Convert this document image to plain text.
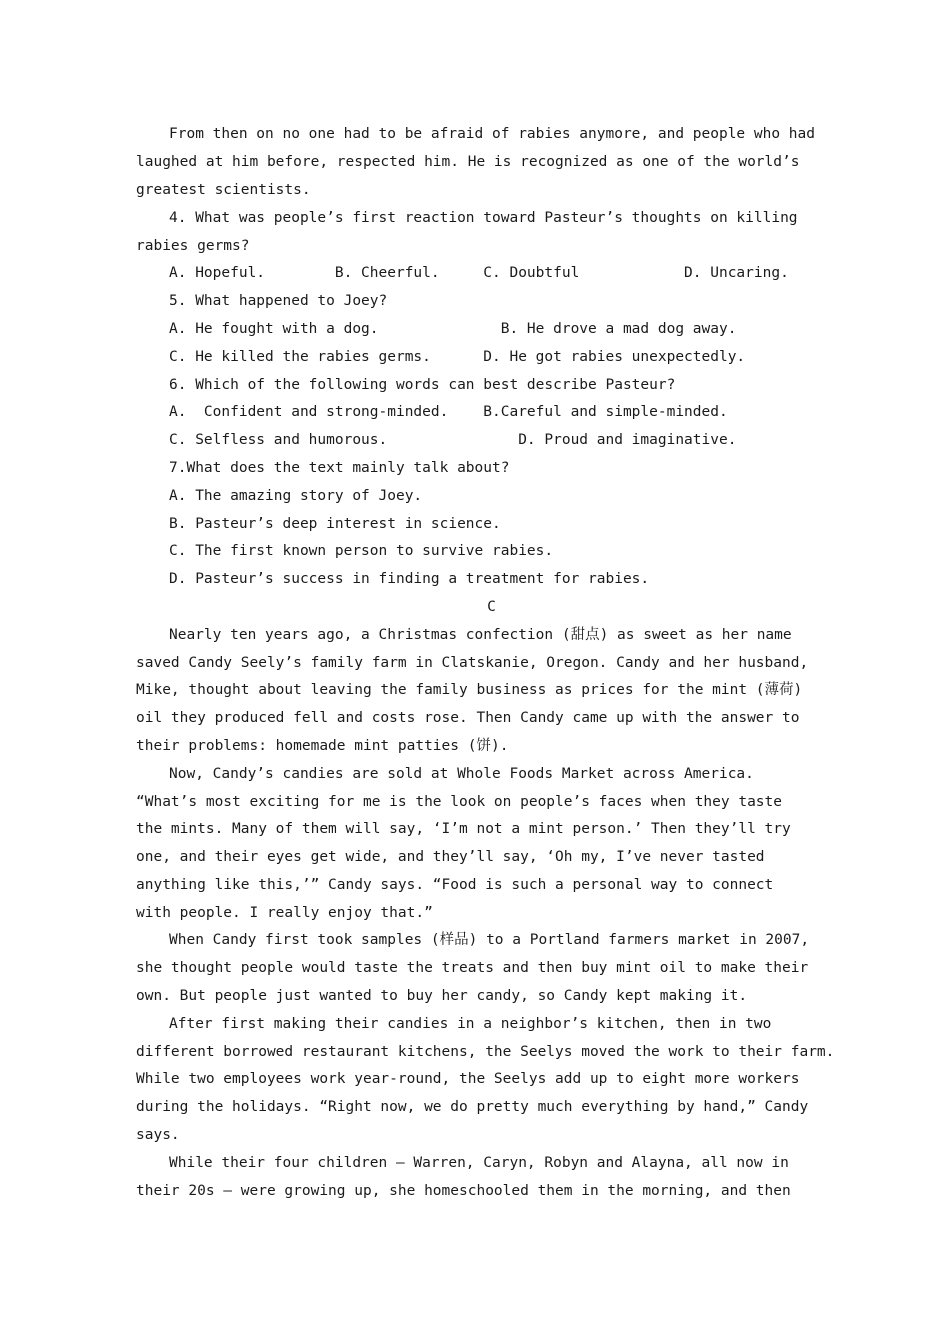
From then on no one had to be afraid of rabies anymore, and people who had
laughed at him before, respected him. He is recognized as one of the world’s
greatest scientists.
4. What was people’s first reaction toward Pasteur’s thoughts on killing
rabies germs?
A. Hopeful.        B. Cheerful.     C. Doubtful            D. Uncaring.
5. What happened to Joey?
A. He fought with a dog.              B. He drove a mad dog away.
C. He killed the rabies germs.      D. He got rabies unexpectedly.
6. Which of the following words can best describe Pasteur?
A.  Confident and strong-minded.    B.Careful and simple-minded.
C. Selfless and humorous.               D. Proud and imaginative.
7.What does the text mainly talk about?
A. The amazing story of Joey.
B. Pasteur’s deep interest in science.
C. The first known person to survive rabies.
D. Pasteur’s success in finding a treatment for rabies.
C
Nearly ten years ago, a Christmas confection (甜点) as sweet as her name
saved Candy Seely’s family farm in Clatskanie, Oregon. Candy and her husband,
Mike, thought about leaving the family business as prices for the mint (薄荷)
oil they produced fell and costs rose. Then Candy came up with the answer to
their problems: homemade mint patties (饼).
Now, Candy’s candies are sold at Whole Foods Market across America.
“What’s most exciting for me is the look on people’s faces when they taste
the mints. Many of them will say, ‘I’m not a mint person.’ Then they’ll try
one, and their eyes get wide, and they’ll say, ‘Oh my, I’ve never tasted
anything like this,’” Candy says. “Food is such a personal way to connect
with people. I really enjoy that.”
When Candy first took samples (样品) to a Portland farmers market in 2007,
she thought people would taste the treats and then buy mint oil to make their
own. But people just wanted to buy her candy, so Candy kept making it.
After first making their candies in a neighbor’s kitchen, then in two
different borrowed restaurant kitchens, the Seelys moved the work to their farm.
While two employees work year-round, the Seelys add up to eight more workers
during the holidays. “Right now, we do pretty much everything by hand,” Candy
says.
While their four children — Warren, Caryn, Robyn and Alayna, all now in
their 20s — were growing up, she homeschooled them in the morning, and then
